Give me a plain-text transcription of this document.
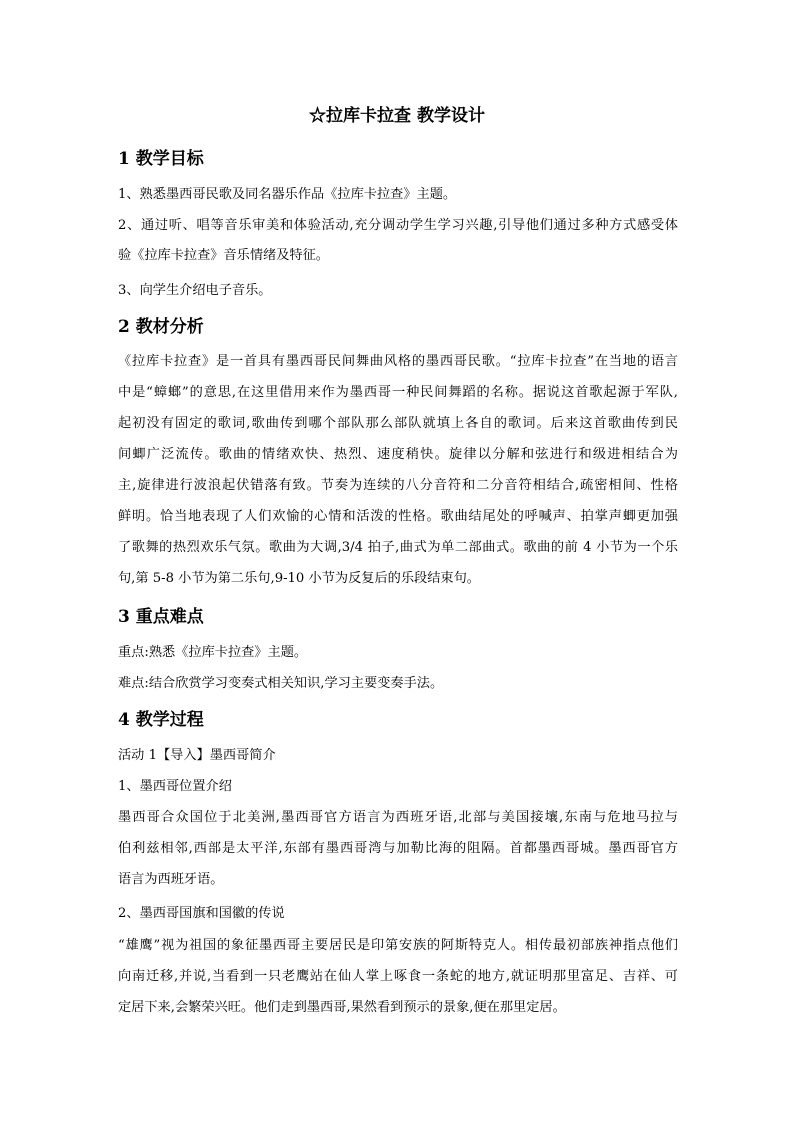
☆拉库卡拉查 教学设计
1 教学目标
1、熟悉墨西哥民歌及同名器乐作品《拉库卡拉查》主题。
2、通过听、唱等音乐审美和体验活动,充分调动学生学习兴趣,引导他们通过多种方式感受体
验《拉库卡拉查》音乐情绪及特征。
3、向学生介绍电子音乐。
2 教材分析
《拉库卡拉查》是一首具有墨西哥民间舞曲风格的墨西哥民歌。“拉库卡拉查”在当地的语言
中是“蟑螂”的意思,在这里借用来作为墨西哥一种民间舞蹈的名称。据说这首歌起源于军队,
起初没有固定的歌词,歌曲传到哪个部队那么部队就填上各自的歌词。后来这首歌曲传到民
间蝍广泛流传。歌曲的情绪欢快、热烈、速度稍快。旋律以分解和弦进行和级进相结合为
主,旋律进行波浪起伏错落有致。节奏为连续的八分音符和二分音符相结合,疏密相间、性格
鲜明。恰当地表现了人们欢愉的心情和活泼的性格。歌曲结尾处的呼喊声、拍掌声蝍更加强
了歌舞的热烈欢乐气氛。歌曲为大调,3/4 拍子,曲式为单二部曲式。歌曲的前 4 小节为一个乐
句,第 5-8 小节为第二乐句,9-10 小节为反复后的乐段结束句。
3 重点难点
重点:熟悉《拉库卡拉查》主题。
难点:结合欣赏学习变奏式相关知识,学习主要变奏手法。
4 教学过程
活动 1【导入】墨西哥简介
1、墨西哥位置介绍
墨西哥合众国位于北美洲,墨西哥官方语言为西班牙语,北部与美国接壤,东南与危地马拉与
伯利兹相邻,西部是太平洋,东部有墨西哥湾与加勒比海的阻隔。首都墨西哥城。墨西哥官方
语言为西班牙语。
2、墨西哥国旗和国徽的传说
“雄鹰”视为祖国的象征墨西哥主要居民是印第安族的阿斯特克人。相传最初部族神指点他们
向南迁移,并说,当看到一只老鹰站在仙人掌上啄食一条蛇的地方,就证明那里富足、吉祥、可
定居下来,会繁荣兴旺。他们走到墨西哥,果然看到预示的景象,便在那里定居。
